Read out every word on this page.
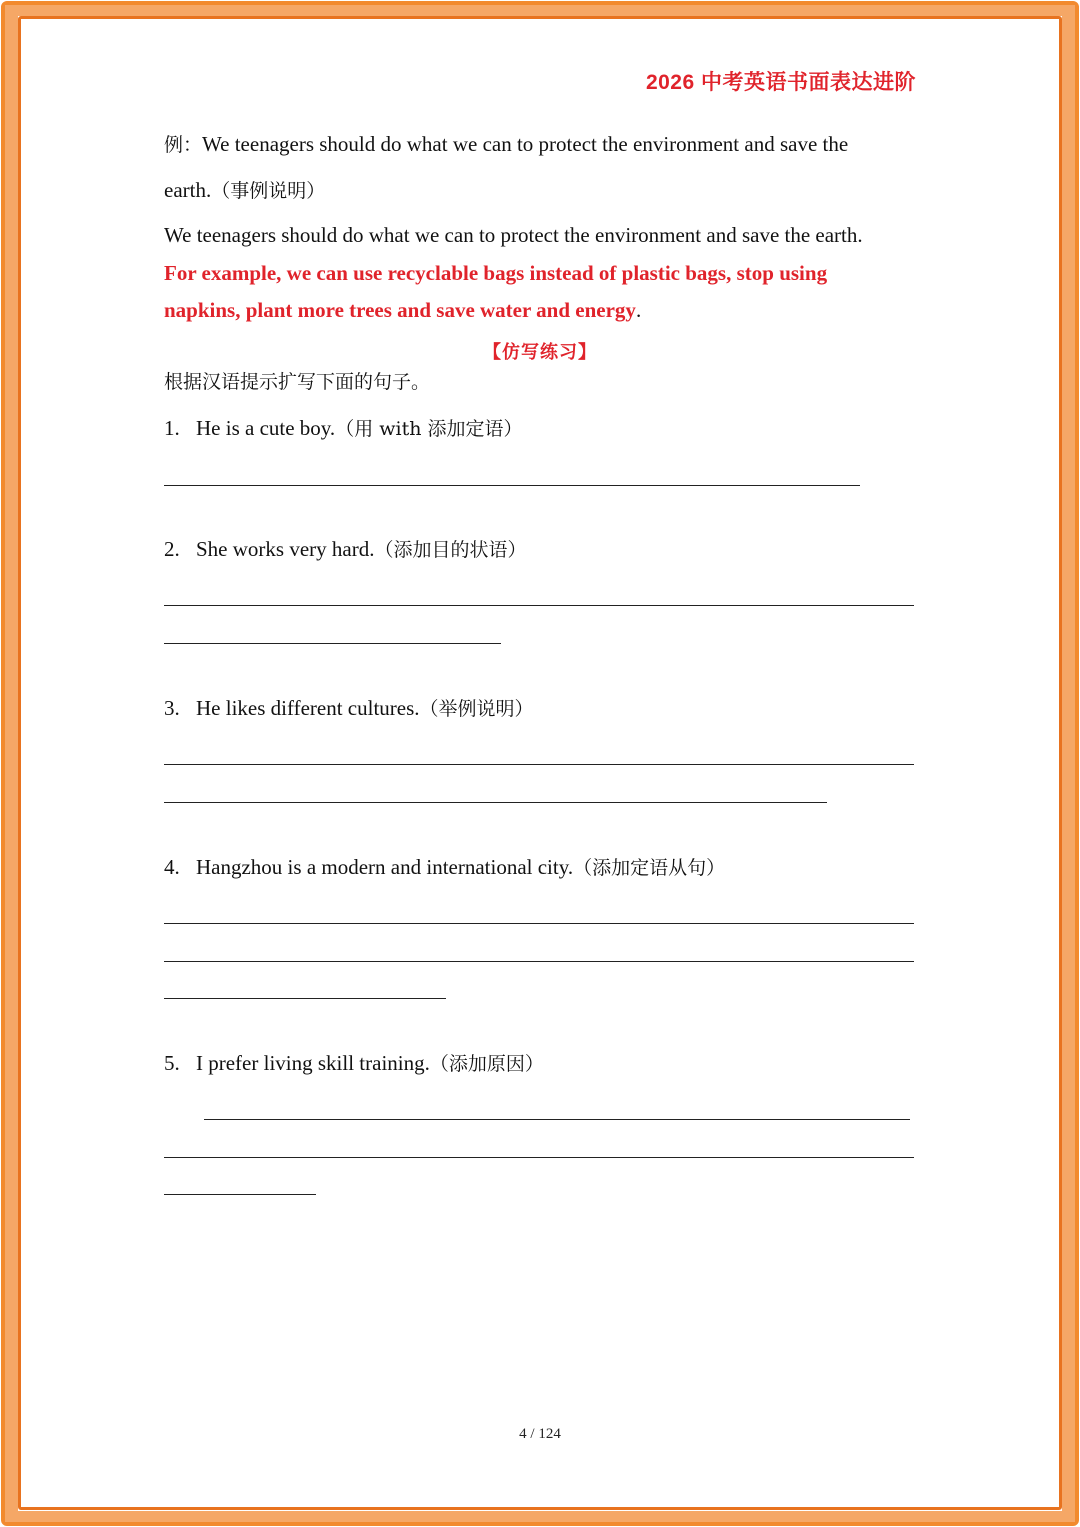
2026 中考英语书面表达进阶
例：We teenagers should do what we can to protect the environment and save the
earth.（事例说明）
We teenagers should do what we can to protect the environment and save the earth.
For example, we can use recyclable bags instead of plastic bags, stop using
napkins, plant more trees and save water and energy.
【仿写练习】
根据汉语提示扩写下面的句子。
1. He is a cute boy.（用 with 添加定语）
2. She works very hard.（添加目的状语）
3. He likes different cultures.（举例说明）
4. Hangzhou is a modern and international city.（添加定语从句）
5. I prefer living skill training.（添加原因）
4 / 124
